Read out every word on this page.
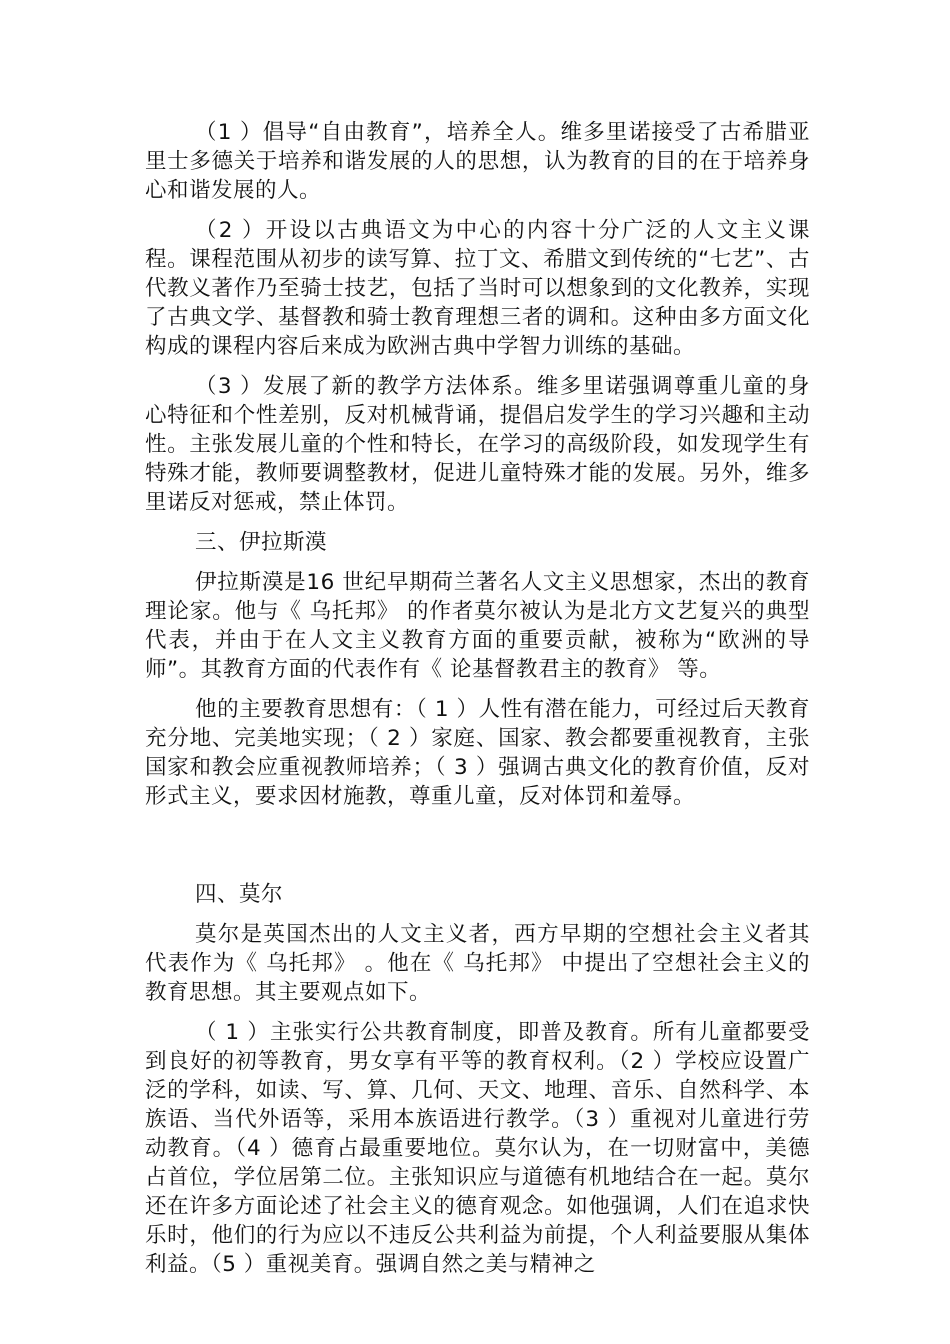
（1 ）倡导“自由教育”，培养全人。维多里诺接受了古希腊亚里士多德关于培养和谐发展的人的思想，认为教育的目的在于培养身心和谐发展的人。

（2 ）开设以古典语文为中心的内容十分广泛的人文主义课程。课程范围从初步的读写算、拉丁文、希腊文到传统的“七艺”、古代教义著作乃至骑士技艺，包括了当时可以想象到的文化教养，实现了古典文学、基督教和骑士教育理想三者的调和。这种由多方面文化构成的课程内容后来成为欧洲古典中学智力训练的基础。

（3 ）发展了新的教学方法体系。维多里诺强调尊重儿童的身心特征和个性差别，反对机械背诵，提倡启发学生的学习兴趣和主动性。主张发展儿童的个性和特长，在学习的高级阶段，如发现学生有特殊才能，教师要调整教材，促进儿童特殊才能的发展。另外，维多里诺反对惩戒，禁止体罚。

三、伊拉斯漠

伊拉斯漠是16 世纪早期荷兰著名人文主义思想家，杰出的教育理论家。他与《 乌托邦》 的作者莫尔被认为是北方文艺复兴的典型代表，并由于在人文主义教育方面的重要贡献，被称为“欧洲的导师”。其教育方面的代表作有《 论基督教君主的教育》 等。

他的主要教育思想有：（ 1 ）人性有潜在能力，可经过后天教育充分地、完美地实现；（ 2 ）家庭、国家、教会都要重视教育，主张国家和教会应重视教师培养；（ 3 ）强调古典文化的教育价值，反对形式主义，要求因材施教，尊重儿童，反对体罚和羞辱。

四、莫尔

莫尔是英国杰出的人文主义者，西方早期的空想社会主义者其代表作为《 乌托邦》 。他在《 乌托邦》 中提出了空想社会主义的教育思想。其主要观点如下。

（ 1 ）主张实行公共教育制度，即普及教育。所有儿童都要受到良好的初等教育，男女享有平等的教育权利。（2 ）学校应设置广泛的学科，如读、写、算、几何、天文、地理、音乐、自然科学、本族语、当代外语等，采用本族语进行教学。（3 ）重视对儿童进行劳动教育。（4 ）德育占最重要地位。莫尔认为，在一切财富中，美德占首位，学位居第二位。主张知识应与道德有机地结合在一起。莫尔还在许多方面论述了社会主义的德育观念。如他强调，人们在追求快乐时，他们的行为应以不违反公共利益为前提，个人利益要服从集体利益。（5 ）重视美育。强调自然之美与精神之
